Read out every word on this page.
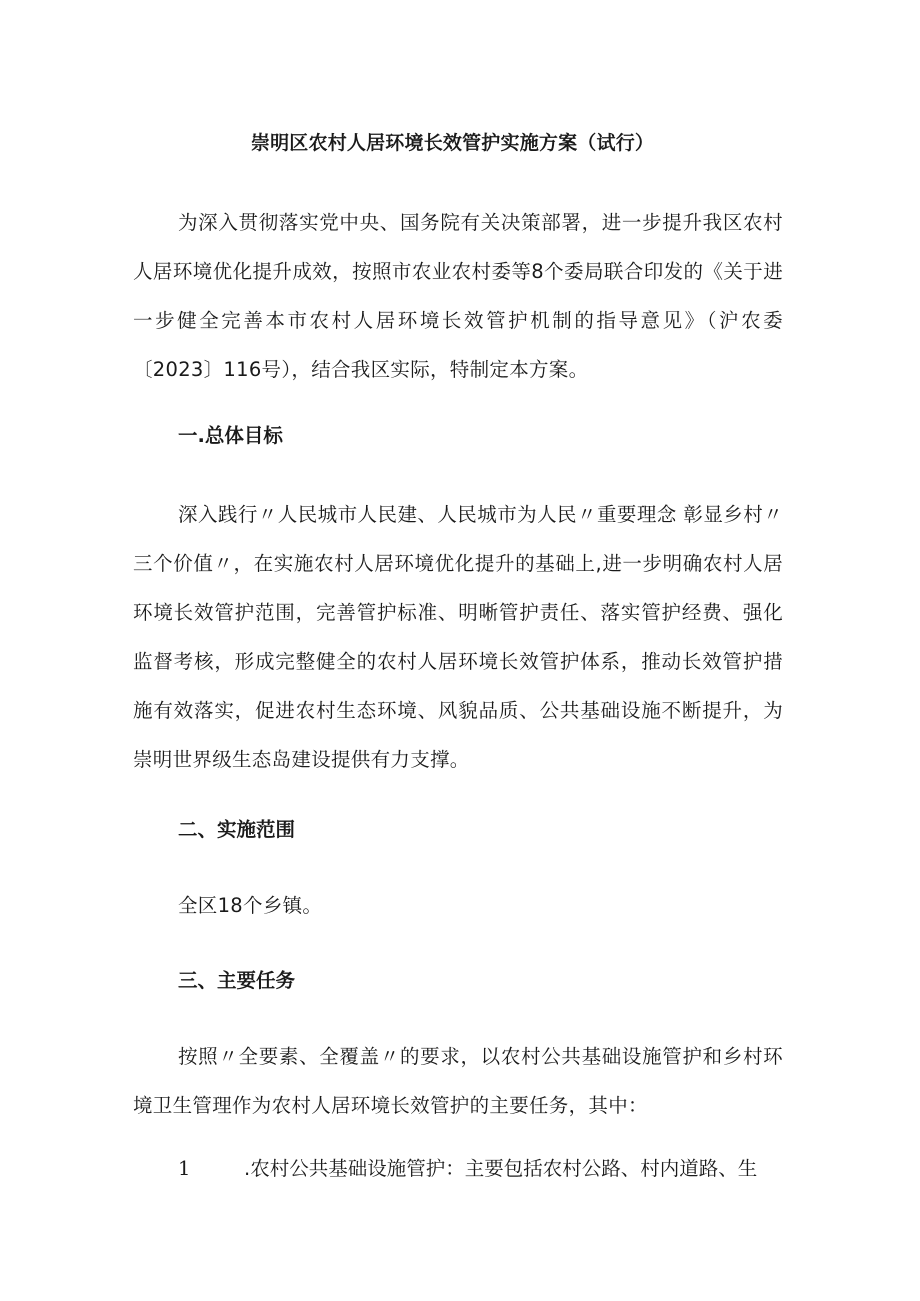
崇明区农村人居环境长效管护实施方案（试行）
为深入贯彻落实党中央、国务院有关决策部署，进一步提升我区农村人居环境优化提升成效，按照市农业农村委等8个委局联合印发的《关于进一步健全完善本市农村人居环境长效管护机制的指导意见》（沪农委〔2023〕116号），结合我区实际，特制定本方案。
一.总体目标
深入践行〃人民城市人民建、人民城市为人民〃重要理念 彰显乡村〃三个价值〃，在实施农村人居环境优化提升的基础上,进一步明确农村人居环境长效管护范围，完善管护标准、明晰管护责任、落实管护经费、强化监督考核，形成完整健全的农村人居环境长效管护体系，推动长效管护措施有效落实，促进农村生态环境、风貌品质、公共基础设施不断提升，为崇明世界级生态岛建设提供有力支撑。
二、实施范围
全区18个乡镇。
三、主要任务
按照〃全要素、全覆盖〃的要求，以农村公共基础设施管护和乡村环境卫生管理作为农村人居环境长效管护的主要任务，其中：
1	.农村公共基础设施管护：主要包括农村公路、村内道路、生
